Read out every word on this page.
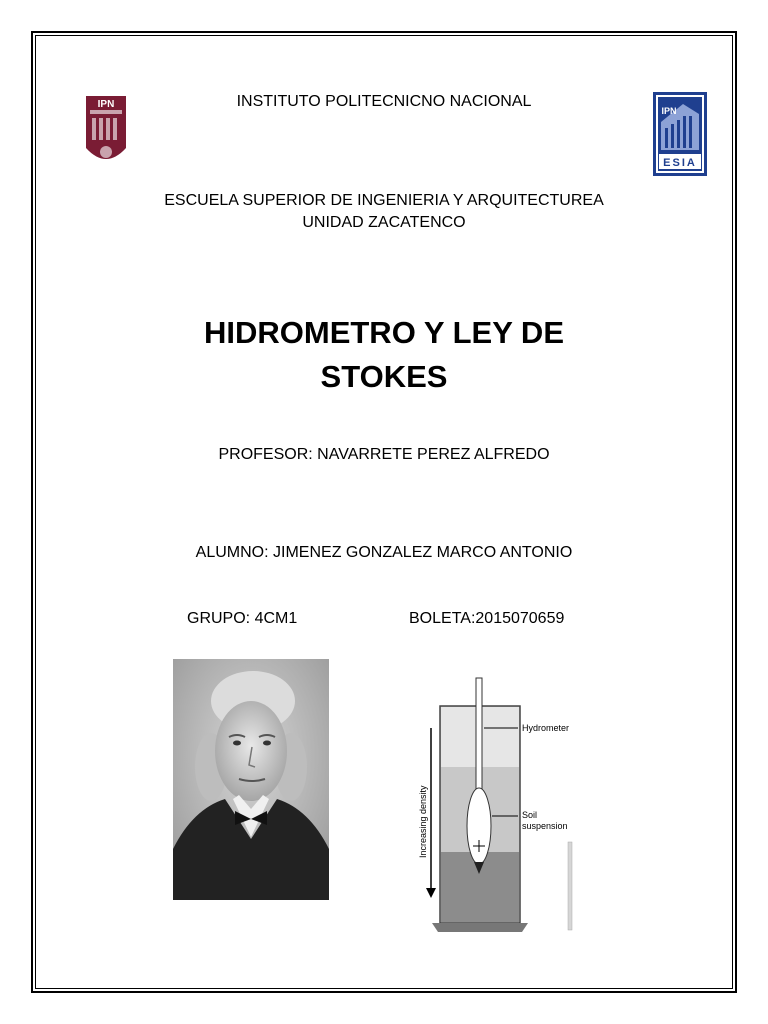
IPN
IPN
ESIA
INSTITUTO POLITECNICNO NACIONAL
ESCUELA SUPERIOR DE INGENIERIA Y ARQUITECTUREA
UNIDAD ZACATENCO
HIDROMETRO Y LEY DE
STOKES
PROFESOR: NAVARRETE PEREZ ALFREDO
ALUMNO: JIMENEZ GONZALEZ MARCO ANTONIO
GRUPO: 4CM1	BOLETA:2015070659
Increasing density
Hydrometer
Soil
suspension
